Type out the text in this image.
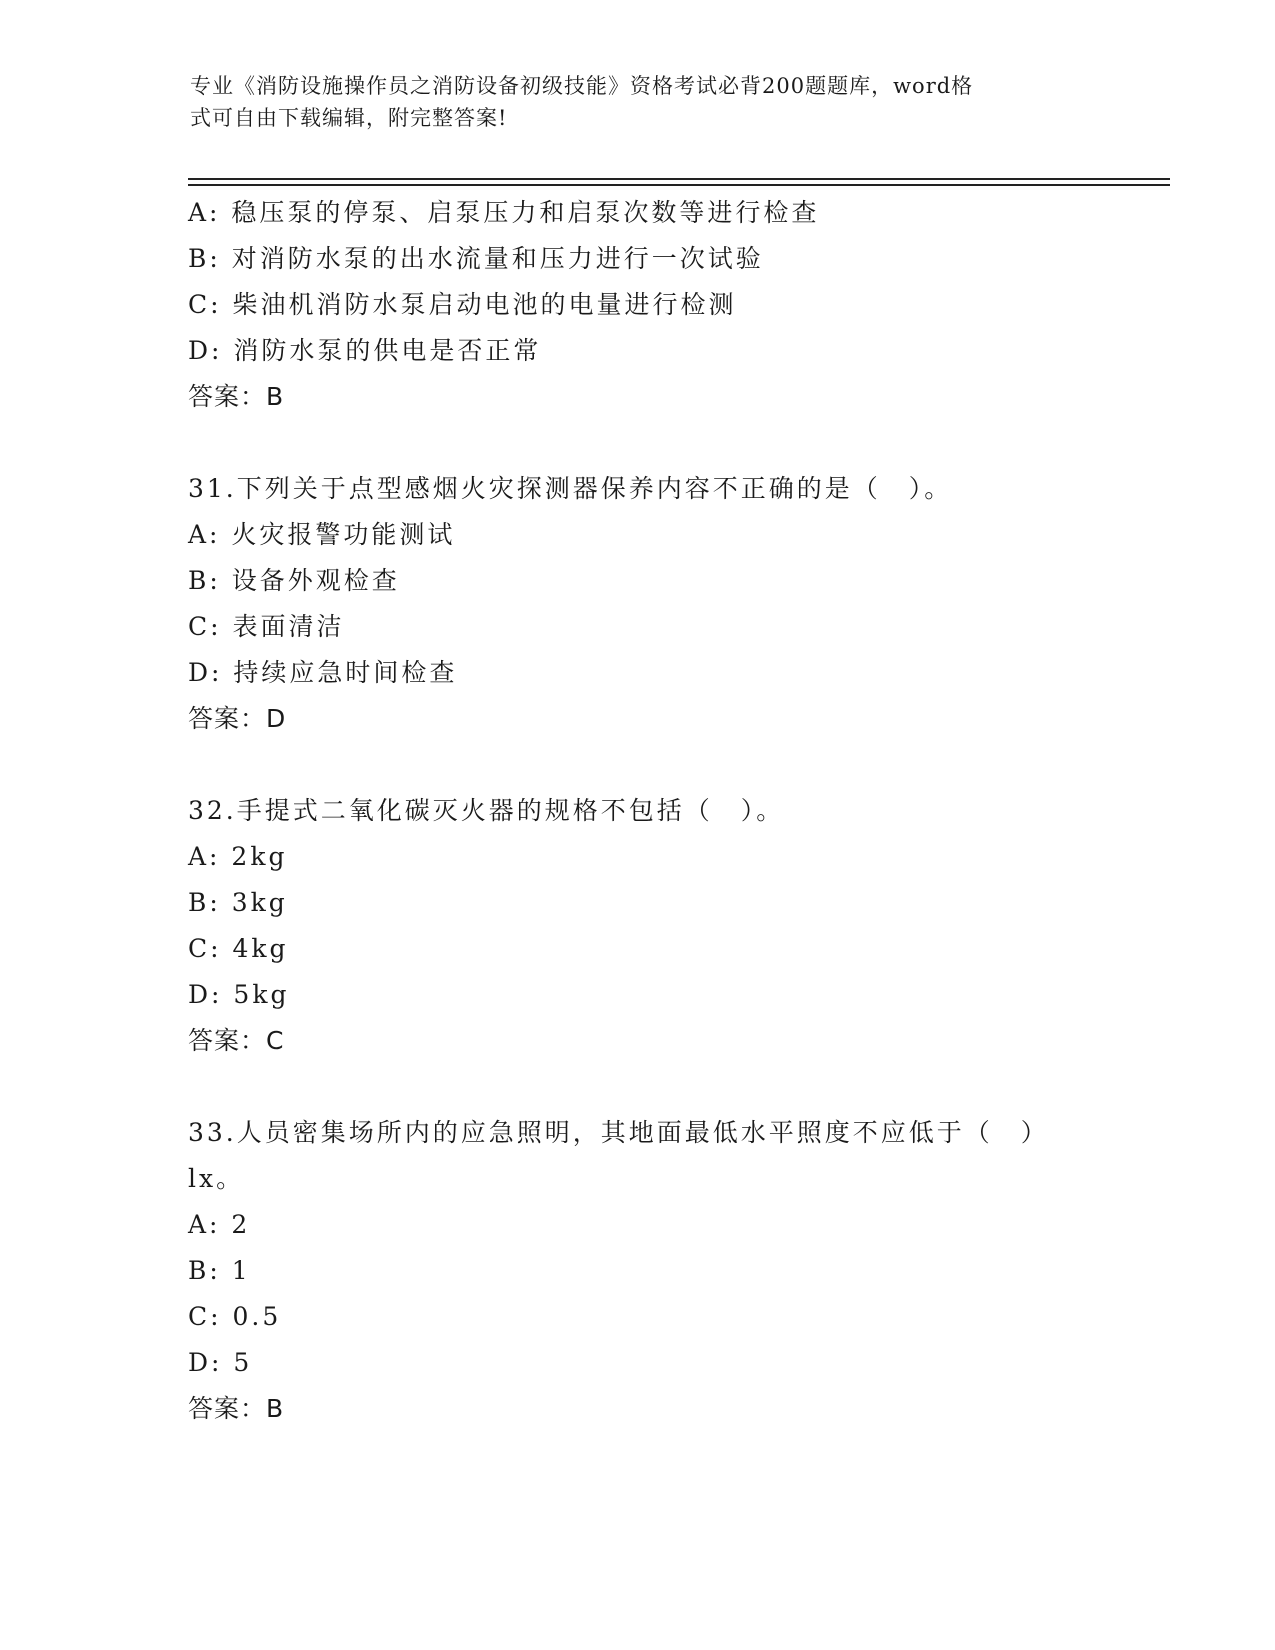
专业《消防设施操作员之消防设备初级技能》资格考试必背200题题库，word格
式可自由下载编辑，附完整答案!
A: 稳压泵的停泵、启泵压力和启泵次数等进行检查
B: 对消防水泵的出水流量和压力进行一次试验
C: 柴油机消防水泵启动电池的电量进行检测
D: 消防水泵的供电是否正常
答案：B
31.下列关于点型感烟火灾探测器保养内容不正确的是（　）。
A: 火灾报警功能测试
B: 设备外观检查
C: 表面清洁
D: 持续应急时间检查
答案：D
32.手提式二氧化碳灭火器的规格不包括（　）。
A: 2kg
B: 3kg
C: 4kg
D: 5kg
答案：C
33.人员密集场所内的应急照明，其地面最低水平照度不应低于（　）
lx。
A: 2
B: 1
C: 0.5
D: 5
答案：B
